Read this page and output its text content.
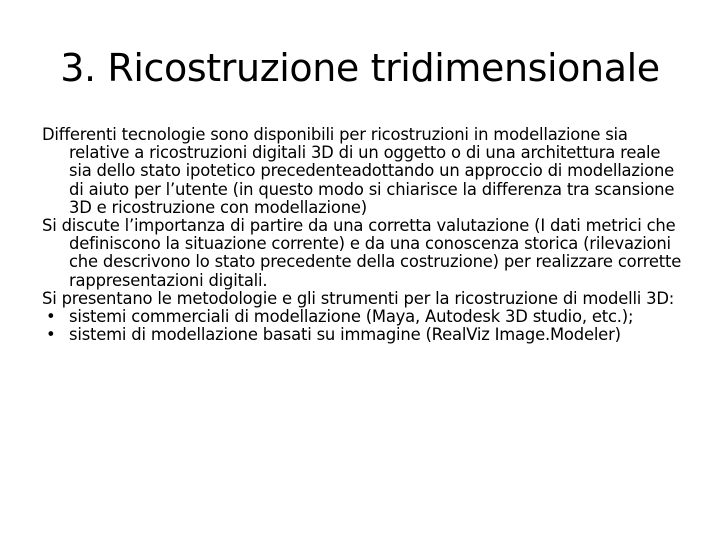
3. Ricostruzione tridimensionale

Differenti tecnologie sono disponibili per ricostruzioni in modellazione sia relative a ricostruzioni digitali 3D di un oggetto o di una architettura reale sia dello stato ipotetico precedenteadottando un approccio di modellazione di aiuto per l’utente (in questo modo si chiarisce la differenza tra scansione 3D e ricostruzione con modellazione)

Si discute l’importanza di partire da una corretta valutazione (I dati metrici che definiscono la situazione corrente) e da una conoscenza storica (rilevazioni che descrivono lo stato precedente della costruzione) per realizzare corrette rappresentazioni digitali.

Si presentano le metodologie e gli strumenti per la ricostruzione di modelli 3D:

• sistemi commerciali di modellazione (Maya, Autodesk 3D studio, etc.);
• sistemi di modellazione basati su immagine (RealViz Image.Modeler)
